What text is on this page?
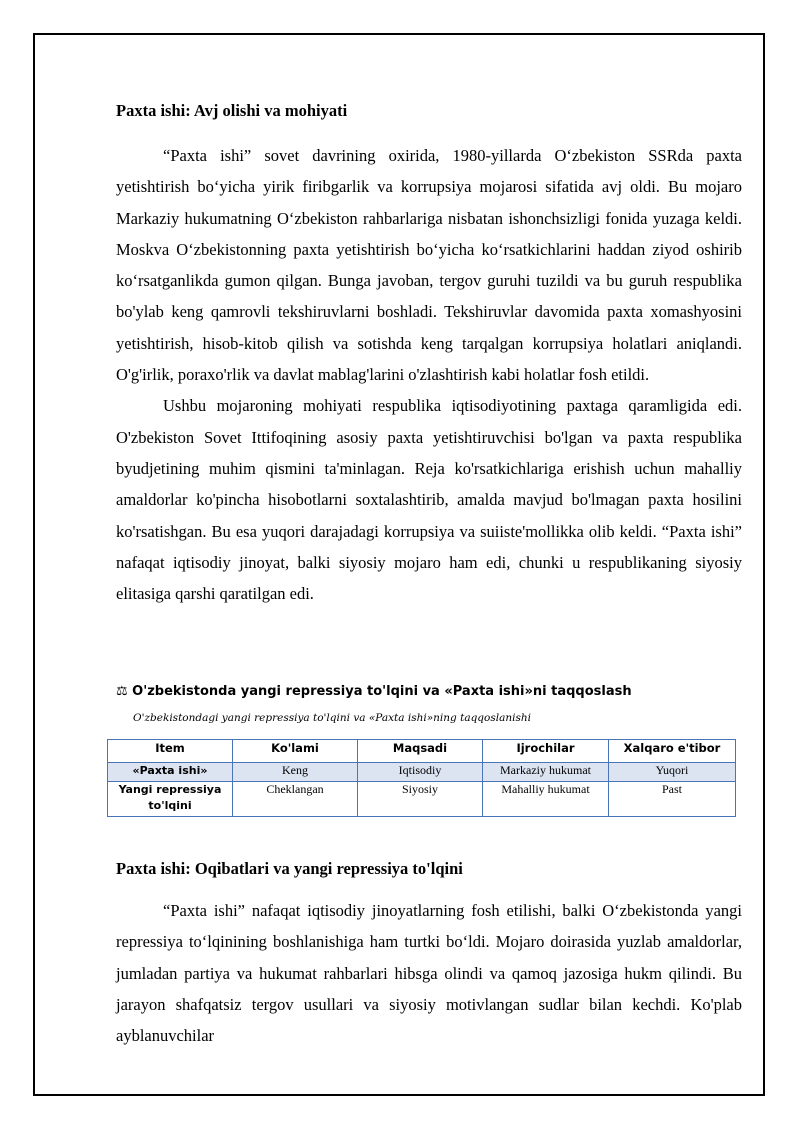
Paxta ishi: Avj olishi va mohiyati

“Paxta ishi” sovet davrining oxirida, 1980-yillarda O‘zbekiston SSRda paxta yetishtirish bo‘yicha yirik firibgarlik va korrupsiya mojarosi sifatida avj oldi. Bu mojaro Markaziy hukumatning O‘zbekiston rahbarlariga nisbatan ishonchsizligi fonida yuzaga keldi. Moskva O‘zbekistonning paxta yetishtirish bo‘yicha ko‘rsatkichlarini haddan ziyod oshirib ko‘rsatganlikda gumon qilgan. Bunga javoban, tergov guruhi tuzildi va bu guruh respublika bo'ylab keng qamrovli tekshiruvlarni boshladi. Tekshiruvlar davomida paxta xomashyosini yetishtirish, hisob-kitob qilish va sotishda keng tarqalgan korrupsiya holatlari aniqlandi. O'g'irlik, poraxo'rlik va davlat mablag'larini o'zlashtirish kabi holatlar fosh etildi.

Ushbu mojaroning mohiyati respublika iqtisodiyotining paxtaga qaramligida edi. O'zbekiston Sovet Ittifoqining asosiy paxta yetishtiruvchisi bo'lgan va paxta respublika byudjetining muhim qismini ta'minlagan. Reja ko'rsatkichlariga erishish uchun mahalliy amaldorlar ko'pincha hisobotlarni soxtalashtirib, amalda mavjud bo'lmagan paxta hosilini ko'rsatishgan. Bu esa yuqori darajadagi korrupsiya va suiiste'mollikka olib keldi. “Paxta ishi” nafaqat iqtisodiy jinoyat, balki siyosiy mojaro ham edi, chunki u respublikaning siyosiy elitasiga qarshi qaratilgan edi.

⚖ O'zbekistonda yangi repressiya to'lqini va «Paxta ishi»ni taqqoslash
O'zbekistondagi yangi repressiya to'lqini va «Paxta ishi»ning taqqoslanishi
Item	Ko'lami	Maqsadi	Ijrochilar	Xalqaro e'tibor
«Paxta ishi»	Keng	Iqtisodiy	Markaziy hukumat	Yuqori
Yangi repressiya to'lqini	Cheklangan	Siyosiy	Mahalliy hukumat	Past
Paxta ishi: Oqibatlari va yangi repressiya to'lqini

“Paxta ishi” nafaqat iqtisodiy jinoyatlarning fosh etilishi, balki O‘zbekistonda yangi repressiya to‘lqinining boshlanishiga ham turtki bo‘ldi. Mojaro doirasida yuzlab amaldorlar, jumladan partiya va hukumat rahbarlari hibsga olindi va qamoq jazosiga hukm qilindi. Bu jarayon shafqatsiz tergov usullari va siyosiy motivlangan sudlar bilan kechdi. Ko'plab ayblanuvchilar
